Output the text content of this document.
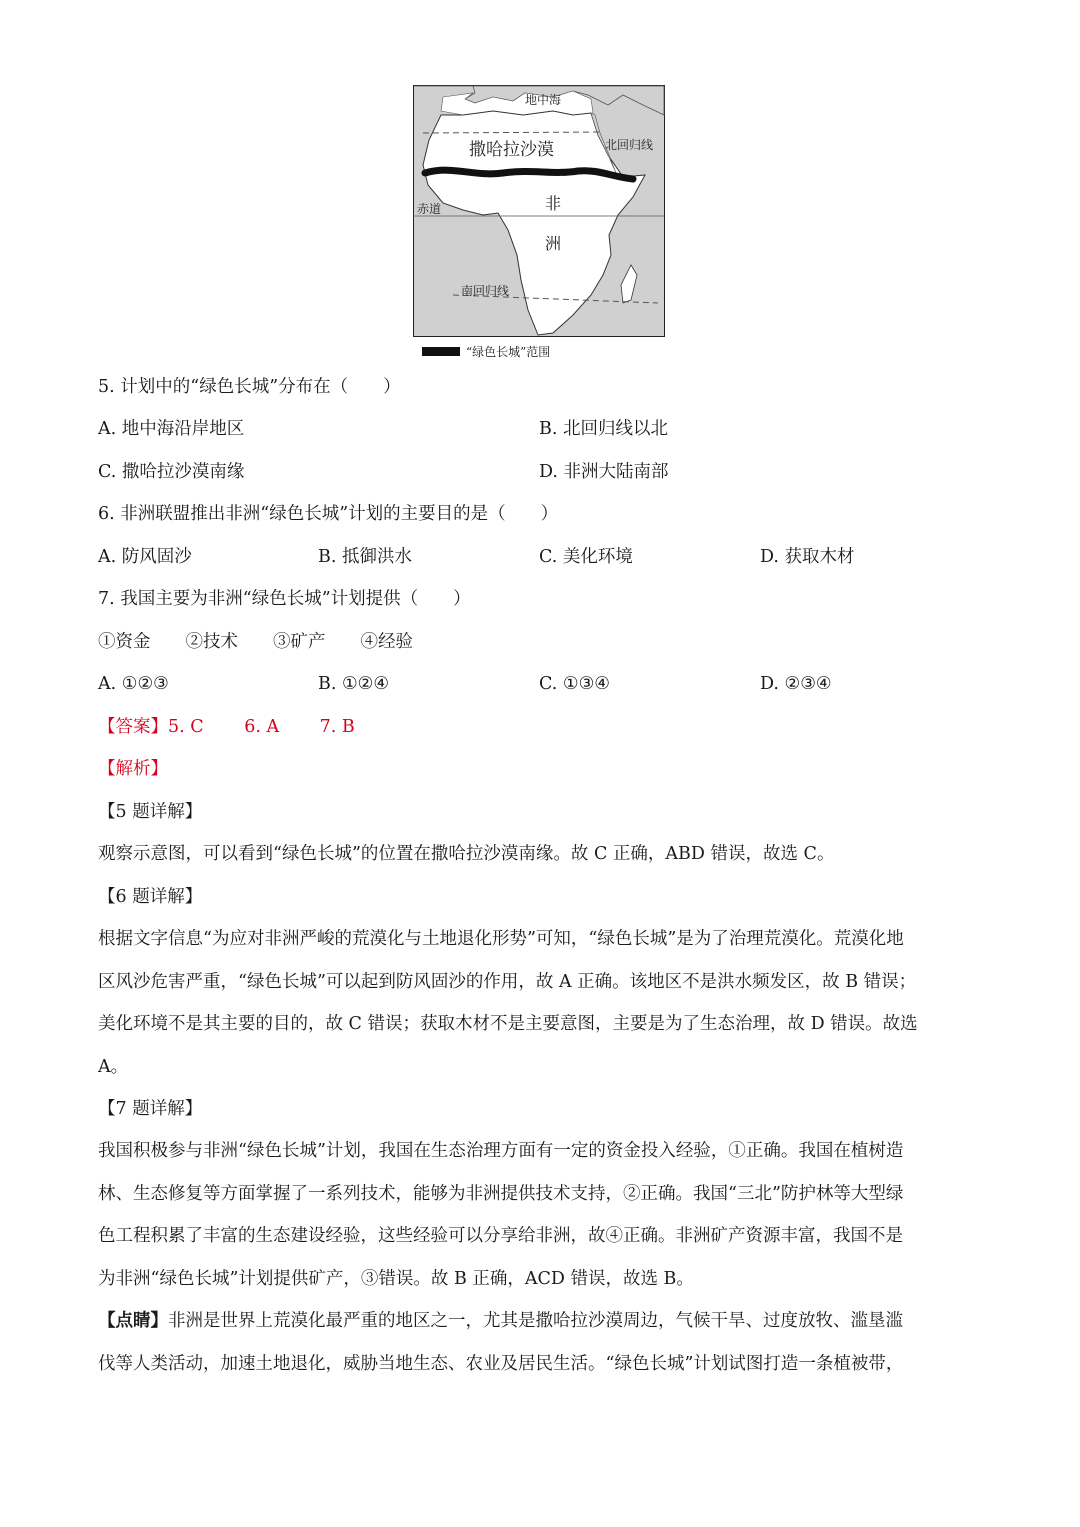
地中海
撒哈拉沙漠	北回归线
赤道	非
洲
南回归线
“绿色长城”范围
5. 计划中的“绿色长城”分布在（　　）
A. 地中海沿岸地区	B. 北回归线以北
C. 撒哈拉沙漠南缘	D. 非洲大陆南部
6. 非洲联盟推出非洲“绿色长城”计划的主要目的是（　　）
A. 防风固沙	B. 抵御洪水	C. 美化环境	D. 获取木材
7. 我国主要为非洲“绿色长城”计划提供（　　）
①资金　　②技术　　③矿产　　④经验
A. ①②③	B. ①②④	C. ①③④	D. ②③④
【答案】5. C　　 6. A　　 7. B
【解析】
【5 题详解】
观察示意图，可以看到“绿色长城”的位置在撒哈拉沙漠南缘。故 C 正确，ABD 错误，故选 C。
【6 题详解】
根据文字信息“为应对非洲严峻的荒漠化与土地退化形势”可知，“绿色长城”是为了治理荒漠化。荒漠化地
区风沙危害严重，“绿色长城”可以起到防风固沙的作用，故 A 正确。该地区不是洪水频发区，故 B 错误；
美化环境不是其主要的目的，故 C 错误；获取木材不是主要意图，主要是为了生态治理，故 D 错误。故选
A。
【7 题详解】
我国积极参与非洲“绿色长城”计划，我国在生态治理方面有一定的资金投入经验，①正确。我国在植树造
林、生态修复等方面掌握了一系列技术，能够为非洲提供技术支持，②正确。我国“三北”防护林等大型绿
色工程积累了丰富的生态建设经验，这些经验可以分享给非洲，故④正确。非洲矿产资源丰富，我国不是
为非洲“绿色长城”计划提供矿产，③错误。故 B 正确，ACD 错误，故选 B。
【点睛】非洲是世界上荒漠化最严重的地区之一，尤其是撒哈拉沙漠周边，气候干旱、过度放牧、滥垦滥
伐等人类活动，加速土地退化，威胁当地生态、农业及居民生活。“绿色长城”计划试图打造一条植被带，
